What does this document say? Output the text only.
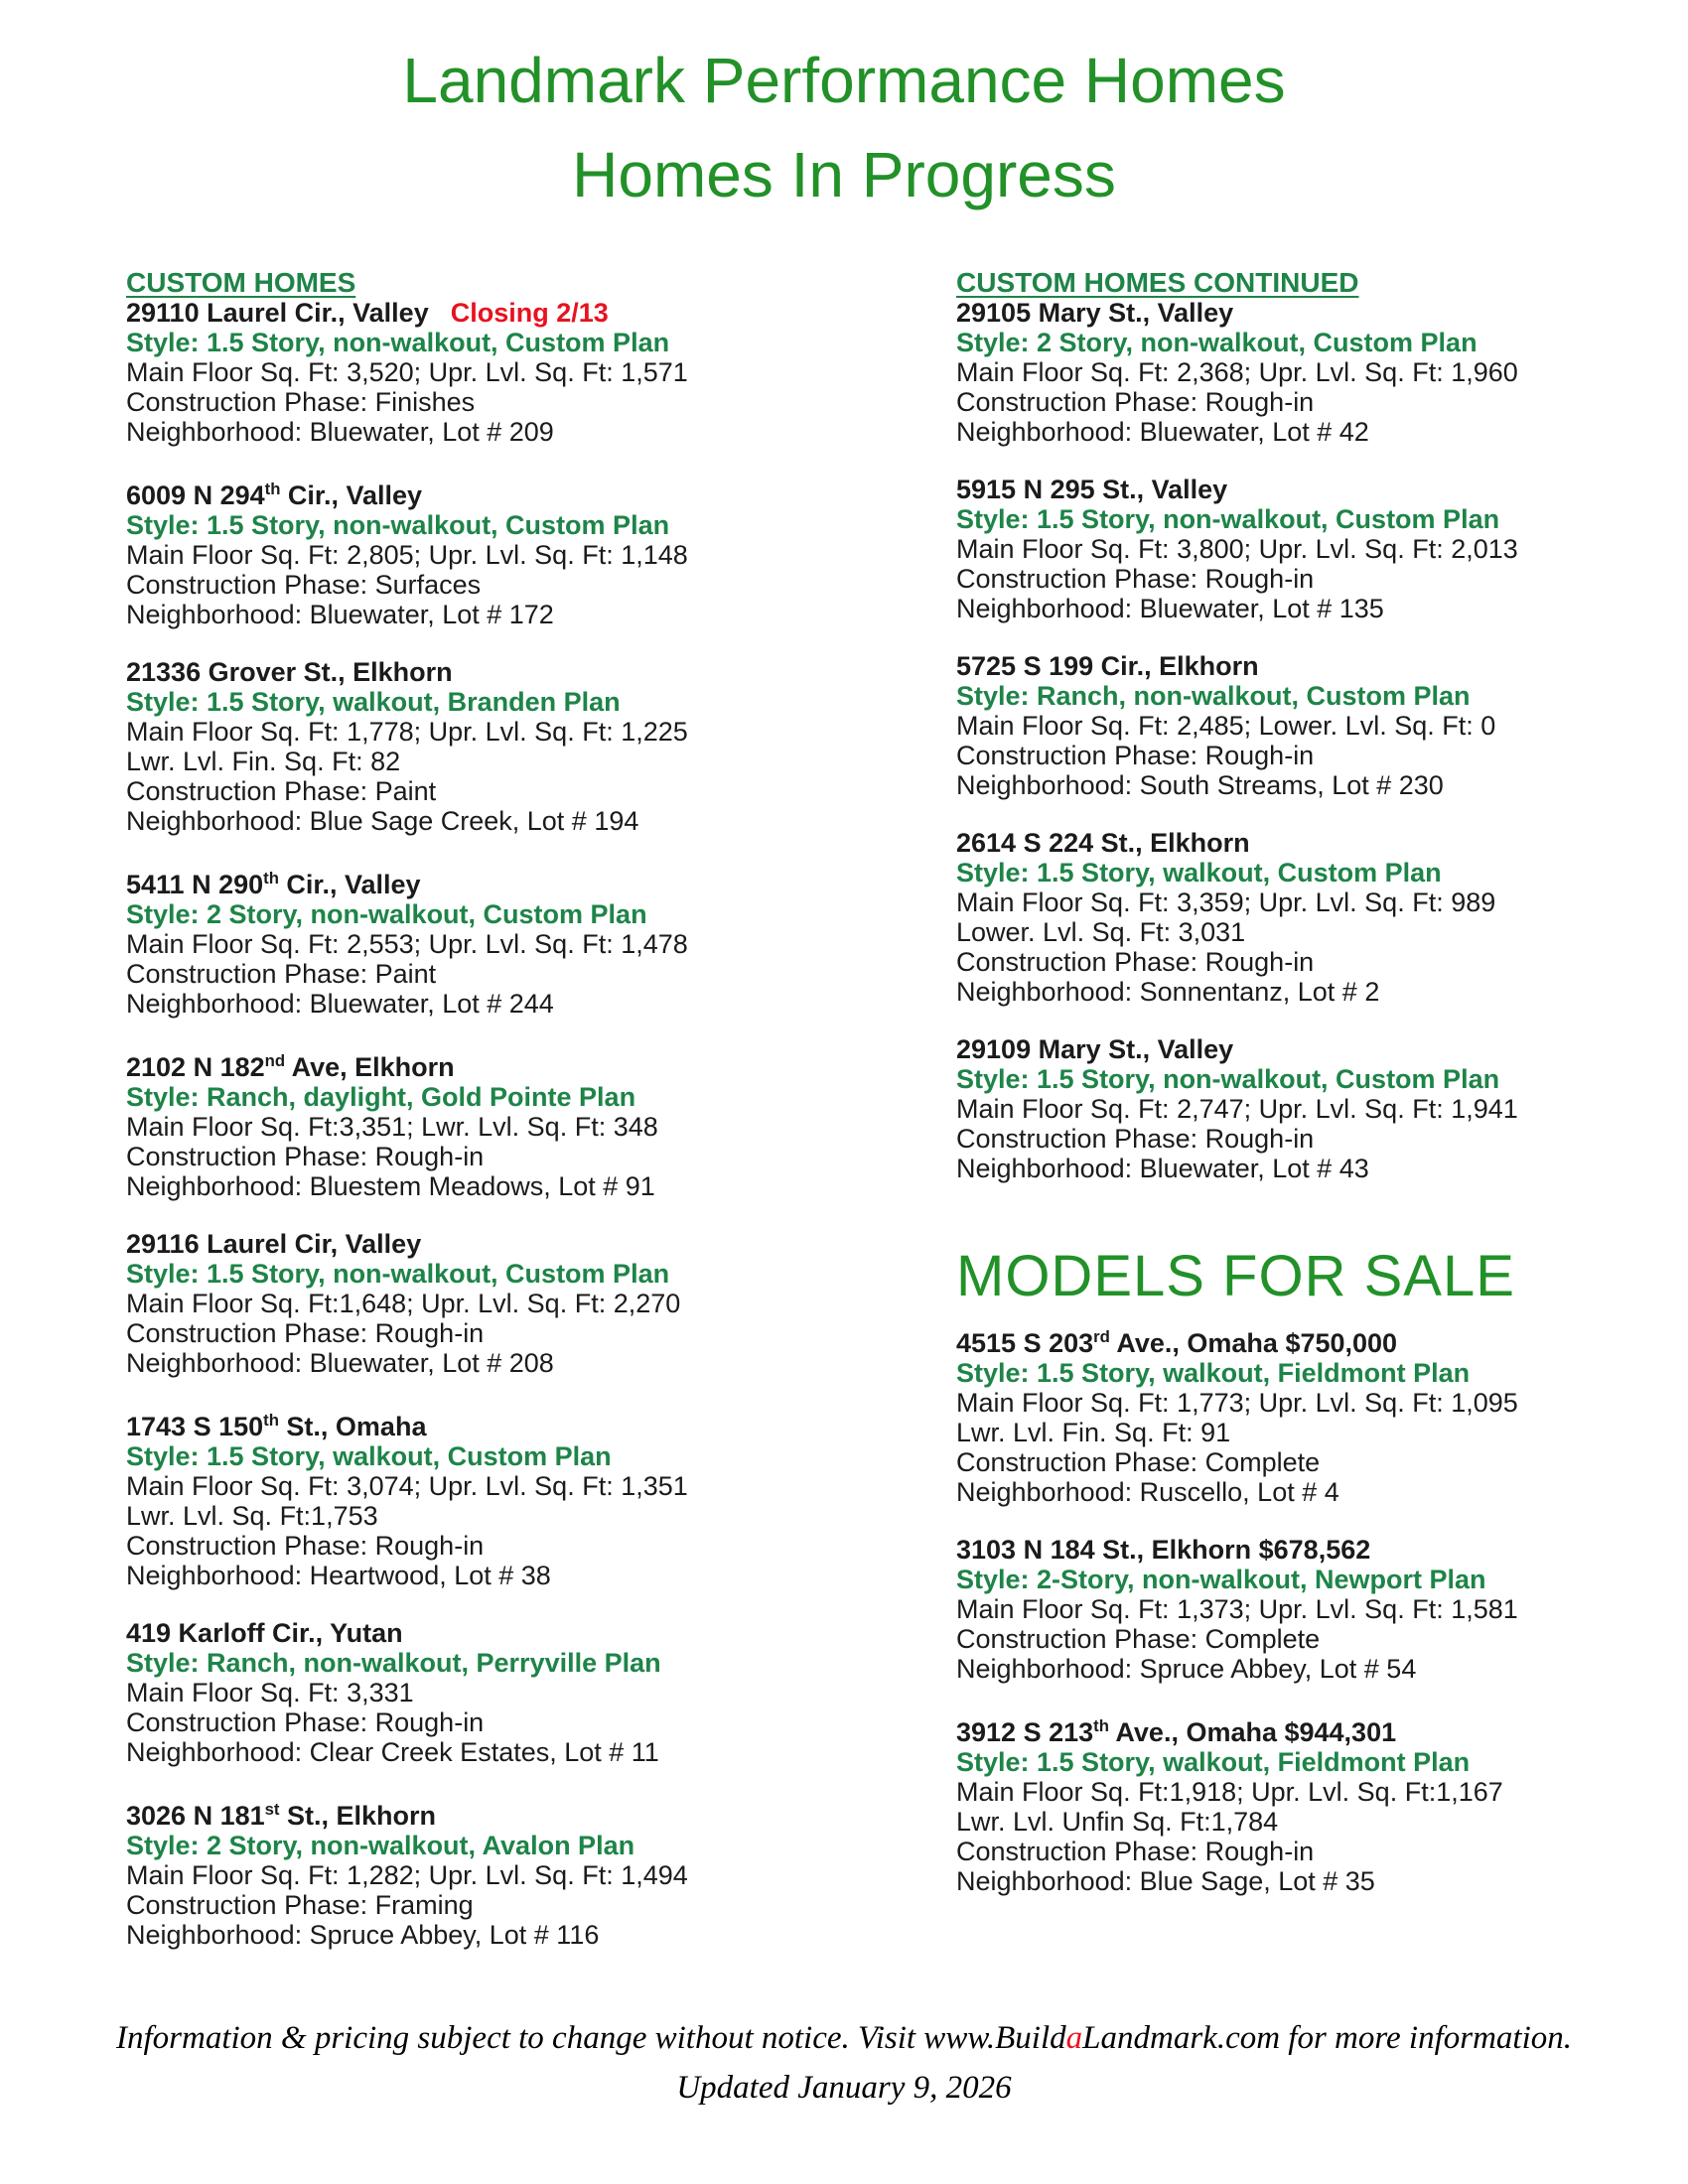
Landmark Performance Homes
Homes In Progress
CUSTOM HOMES
29110 Laurel Cir., Valley Closing 2/13
Style: 1.5 Story, non-walkout, Custom Plan
Main Floor Sq. Ft: 3,520; Upr. Lvl. Sq. Ft: 1,571
Construction Phase: Finishes
Neighborhood: Bluewater, Lot # 209
6009 N 294th Cir., Valley
Style: 1.5 Story, non-walkout, Custom Plan
Main Floor Sq. Ft: 2,805; Upr. Lvl. Sq. Ft: 1,148
Construction Phase: Surfaces
Neighborhood: Bluewater, Lot # 172
21336 Grover St., Elkhorn
Style: 1.5 Story, walkout, Branden Plan
Main Floor Sq. Ft: 1,778; Upr. Lvl. Sq. Ft: 1,225
Lwr. Lvl. Fin. Sq. Ft: 82
Construction Phase: Paint
Neighborhood: Blue Sage Creek, Lot # 194
5411 N 290th Cir., Valley
Style: 2 Story, non-walkout, Custom Plan
Main Floor Sq. Ft: 2,553; Upr. Lvl. Sq. Ft: 1,478
Construction Phase: Paint
Neighborhood: Bluewater, Lot # 244
2102 N 182nd Ave, Elkhorn
Style: Ranch, daylight, Gold Pointe Plan
Main Floor Sq. Ft:3,351; Lwr. Lvl. Sq. Ft: 348
Construction Phase: Rough-in
Neighborhood: Bluestem Meadows, Lot # 91
29116 Laurel Cir, Valley
Style: 1.5 Story, non-walkout, Custom Plan
Main Floor Sq. Ft:1,648; Upr. Lvl. Sq. Ft: 2,270
Construction Phase: Rough-in
Neighborhood: Bluewater, Lot # 208
1743 S 150th St., Omaha
Style: 1.5 Story, walkout, Custom Plan
Main Floor Sq. Ft: 3,074; Upr. Lvl. Sq. Ft: 1,351
Lwr. Lvl. Sq. Ft:1,753
Construction Phase: Rough-in
Neighborhood: Heartwood, Lot # 38
419 Karloff Cir., Yutan
Style: Ranch, non-walkout, Perryville Plan
Main Floor Sq. Ft: 3,331
Construction Phase: Rough-in
Neighborhood: Clear Creek Estates, Lot # 11
3026 N 181st St., Elkhorn
Style: 2 Story, non-walkout, Avalon Plan
Main Floor Sq. Ft: 1,282; Upr. Lvl. Sq. Ft: 1,494
Construction Phase: Framing
Neighborhood: Spruce Abbey, Lot # 116
CUSTOM HOMES CONTINUED
29105 Mary St., Valley
Style: 2 Story, non-walkout, Custom Plan
Main Floor Sq. Ft: 2,368; Upr. Lvl. Sq. Ft: 1,960
Construction Phase: Rough-in
Neighborhood: Bluewater, Lot # 42
5915 N 295 St., Valley
Style: 1.5 Story, non-walkout, Custom Plan
Main Floor Sq. Ft: 3,800; Upr. Lvl. Sq. Ft: 2,013
Construction Phase: Rough-in
Neighborhood: Bluewater, Lot # 135
5725 S 199 Cir., Elkhorn
Style: Ranch, non-walkout, Custom Plan
Main Floor Sq. Ft: 2,485; Lower. Lvl. Sq. Ft: 0
Construction Phase: Rough-in
Neighborhood: South Streams, Lot # 230
2614 S 224 St., Elkhorn
Style: 1.5 Story, walkout, Custom Plan
Main Floor Sq. Ft: 3,359; Upr. Lvl. Sq. Ft: 989
Lower. Lvl. Sq. Ft: 3,031
Construction Phase: Rough-in
Neighborhood: Sonnentanz, Lot # 2
29109 Mary St., Valley
Style: 1.5 Story, non-walkout, Custom Plan
Main Floor Sq. Ft: 2,747; Upr. Lvl. Sq. Ft: 1,941
Construction Phase: Rough-in
Neighborhood: Bluewater, Lot # 43
MODELS FOR SALE
4515 S 203rd Ave., Omaha $750,000
Style: 1.5 Story, walkout, Fieldmont Plan
Main Floor Sq. Ft: 1,773; Upr. Lvl. Sq. Ft: 1,095
Lwr. Lvl. Fin. Sq. Ft: 91
Construction Phase: Complete
Neighborhood: Ruscello, Lot # 4
3103 N 184 St., Elkhorn $678,562
Style: 2-Story, non-walkout, Newport Plan
Main Floor Sq. Ft: 1,373; Upr. Lvl. Sq. Ft: 1,581
Construction Phase: Complete
Neighborhood: Spruce Abbey, Lot # 54
3912 S 213th Ave., Omaha $944,301
Style: 1.5 Story, walkout, Fieldmont Plan
Main Floor Sq. Ft:1,918; Upr. Lvl. Sq. Ft:1,167
Lwr. Lvl. Unfin Sq. Ft:1,784
Construction Phase: Rough-in
Neighborhood: Blue Sage, Lot # 35
Information & pricing subject to change without notice. Visit www.BuildaLandmark.com for more information.
Updated January 9, 2026
